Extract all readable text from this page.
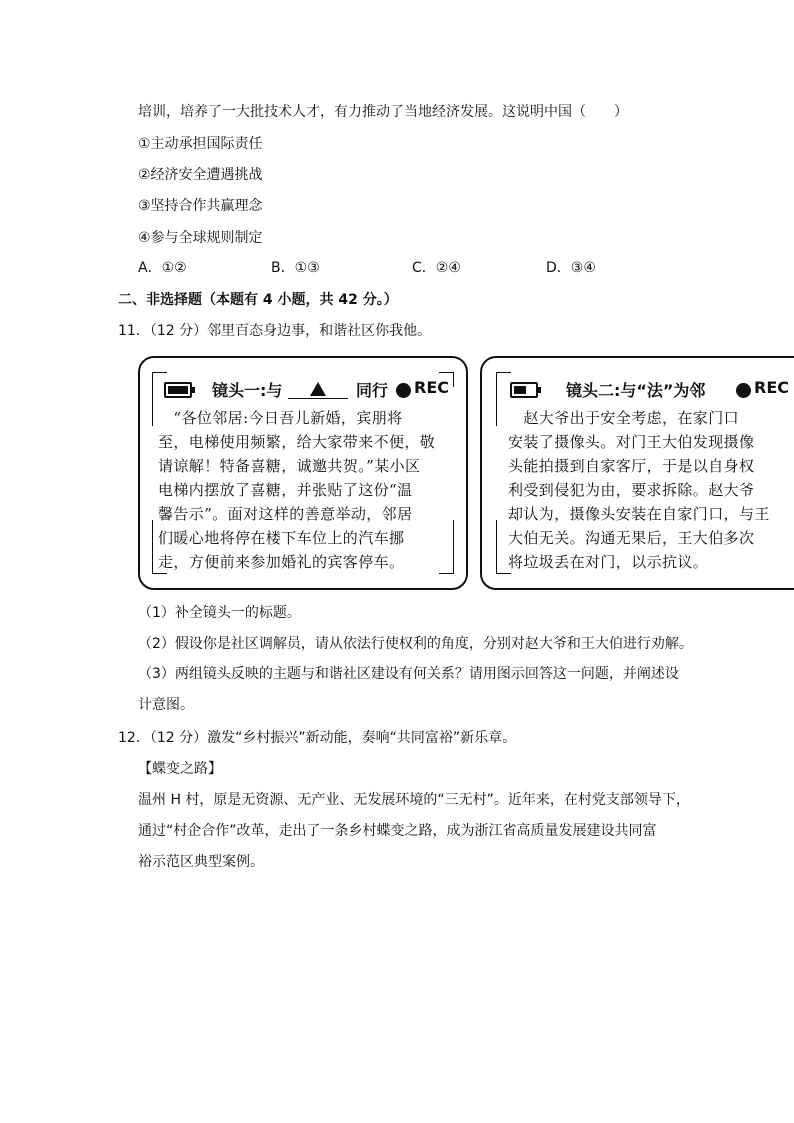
培训，培养了一大批技术人才，有力推动了当地经济发展。这说明中国（　　）
①主动承担国际责任
②经济安全遭遇挑战
③坚持合作共赢理念
④参与全球规则制定
A．①②	B．①③	C．②④	D．③④
二、非选择题（本题有 4 小题，共 42 分。）
11．（12 分）邻里百态身边事，和谐社区你我他。
镜头一:与	同行 REC

　“各位邻居:今日吾儿新婚，宾朋将

至，电梯使用频繁，给大家带来不便，敬

请谅解！特备喜糖，诚邀共贺。”某小区

电梯内摆放了喜糖，并张贴了这份“温

馨告示”。面对这样的善意举动，邻居

们暖心地将停在楼下车位上的汽车挪

走，方便前来参加婚礼的宾客停车。

镜头二:与“法”为邻	REC

　赵大爷出于安全考虑，在家门口

安装了摄像头。对门王大伯发现摄像

头能拍摄到自家客厅，于是以自身权

利受到侵犯为由，要求拆除。赵大爷

却认为，摄像头安装在自家门口，与王

大伯无关。沟通无果后，王大伯多次

将垃圾丢在对门，以示抗议。

（1）补全镜头一的标题。
（2）假设你是社区调解员，请从依法行使权利的角度，分别对赵大爷和王大伯进行劝解。
（3）两组镜头反映的主题与和谐社区建设有何关系？请用图示回答这一问题，并阐述设
计意图。
12．（12 分）激发“乡村振兴”新动能，奏响“共同富裕”新乐章。
【蝶变之路】
温州 H 村，原是无资源、无产业、无发展环境的“三无村”。近年来，在村党支部领导下，
通过“村企合作”改革，走出了一条乡村蝶变之路，成为浙江省高质量发展建设共同富
裕示范区典型案例。
